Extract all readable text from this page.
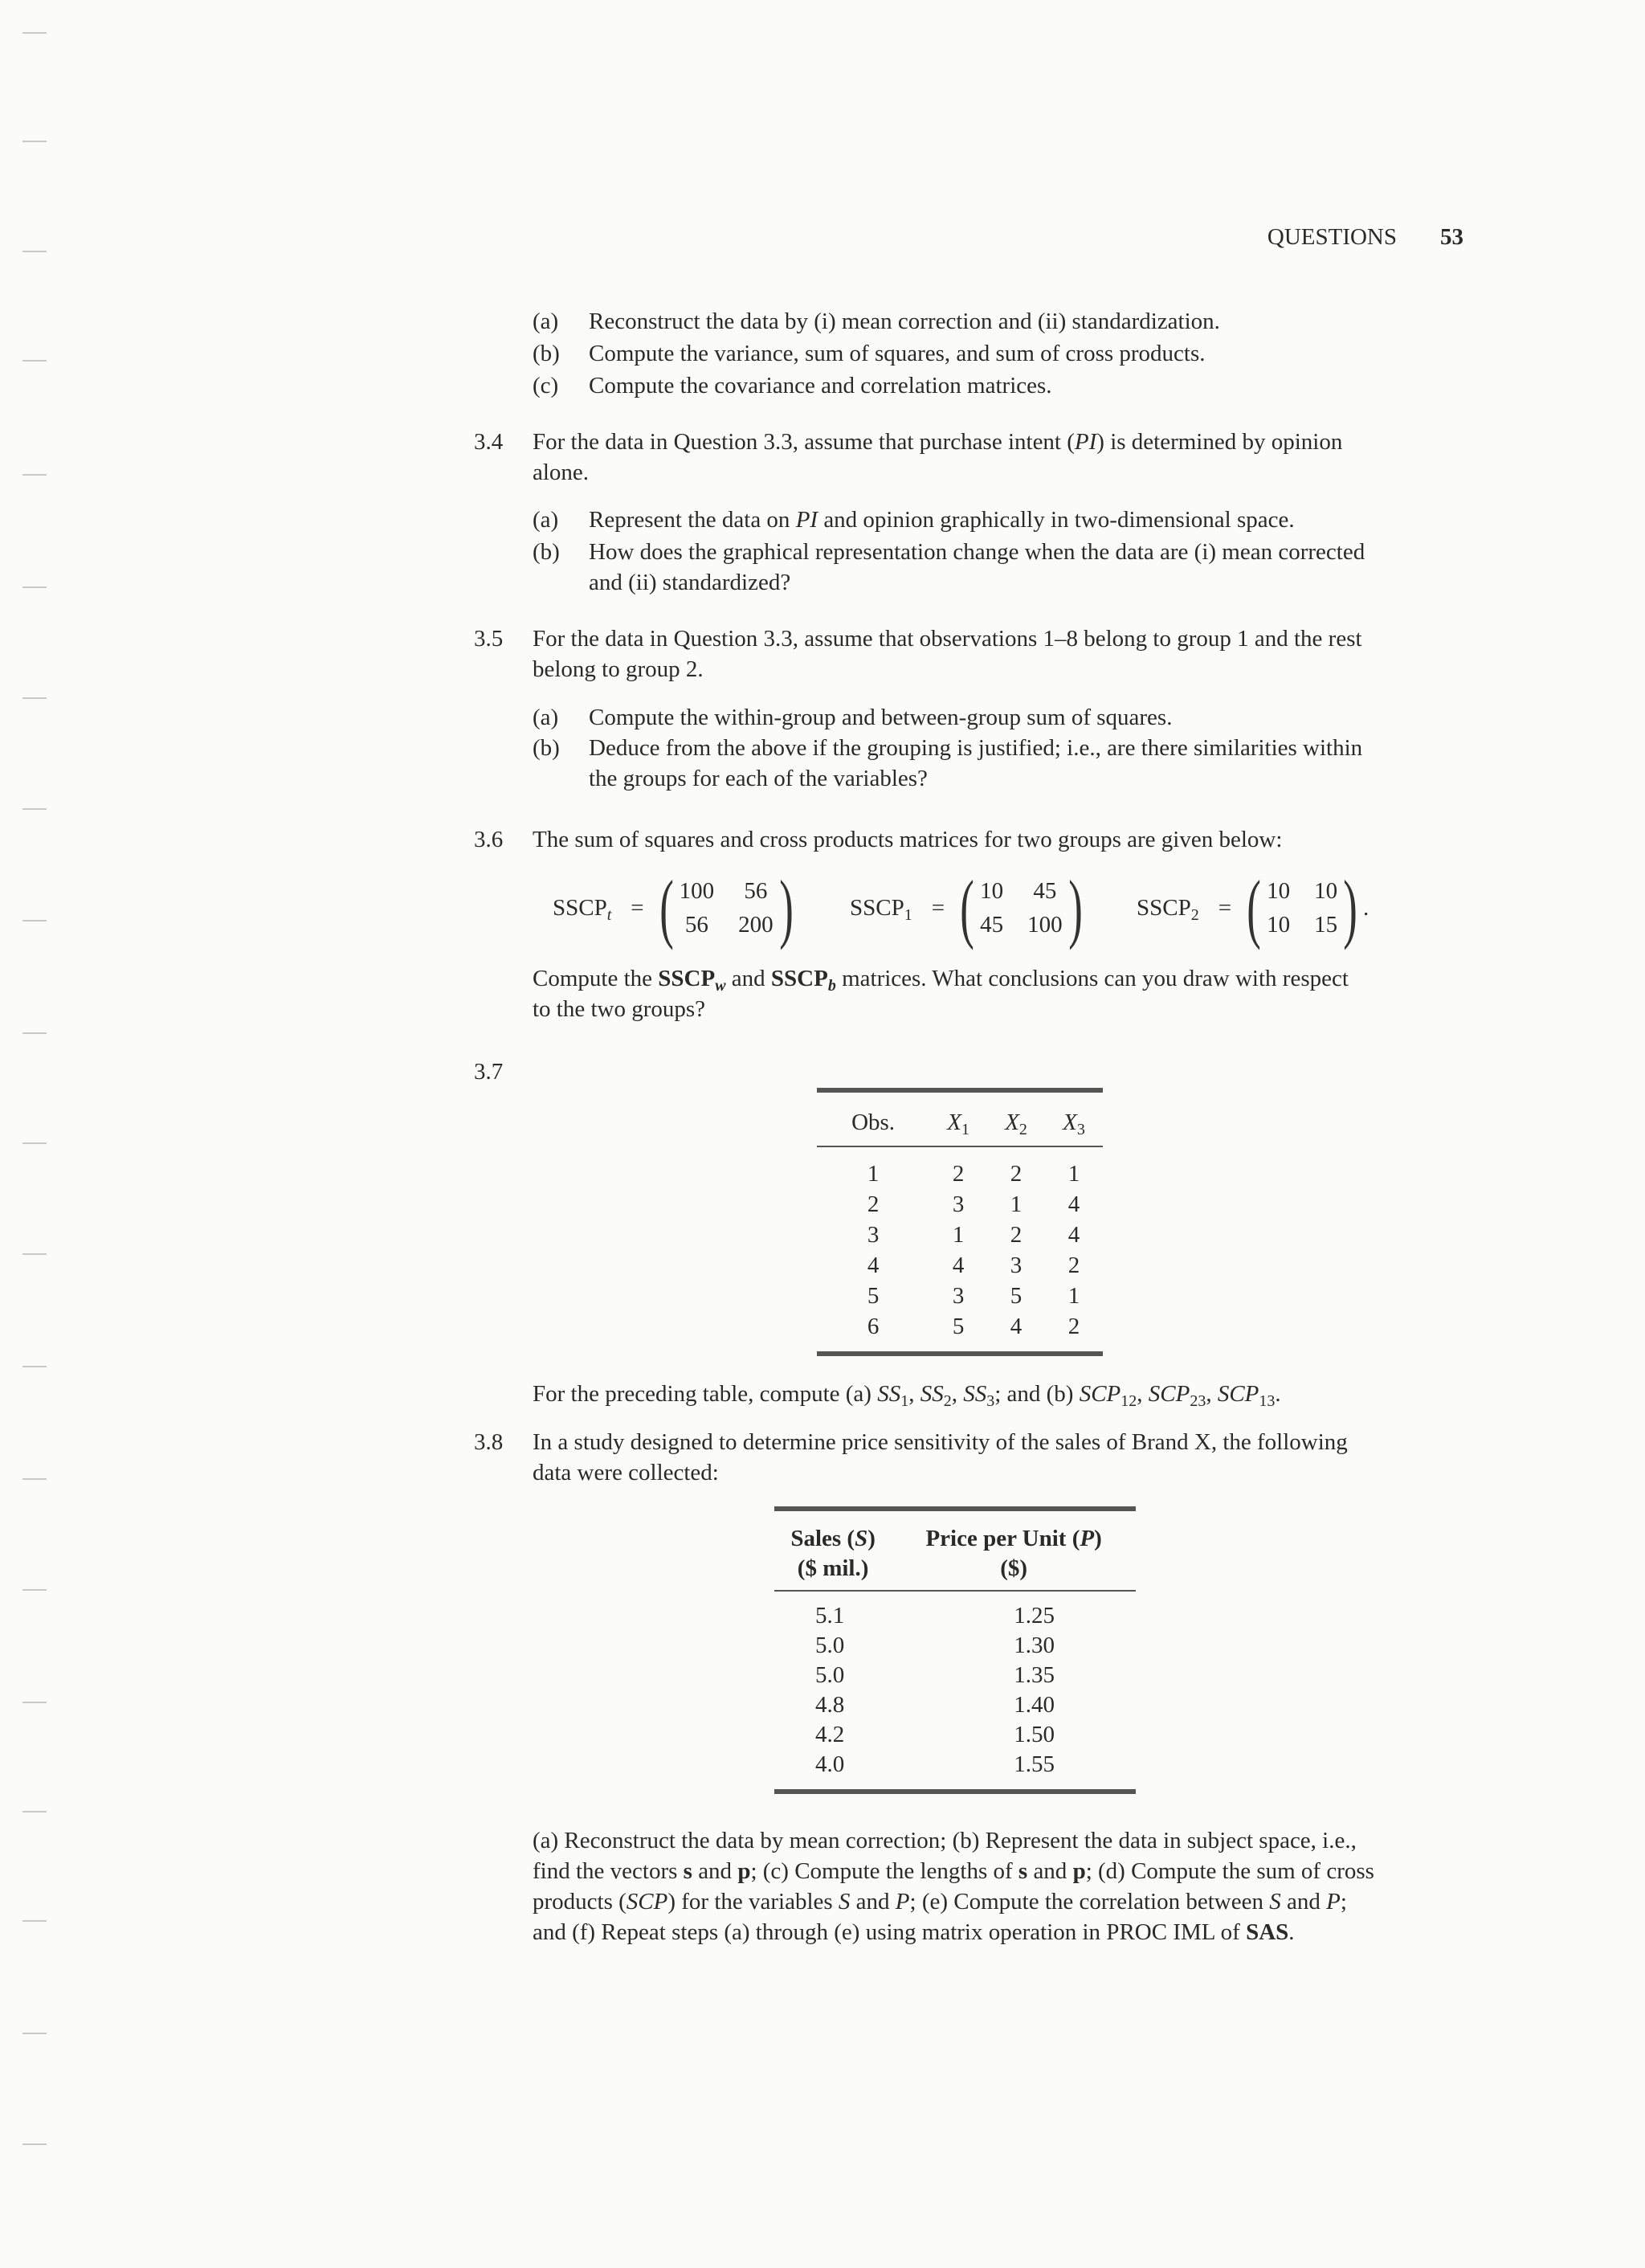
QUESTIONS 53
(a) Reconstruct the data by (i) mean correction and (ii) standardization.
(b) Compute the variance, sum of squares, and sum of cross products.
(c) Compute the covariance and correlation matrices.
3.4 For the data in Question 3.3, assume that purchase intent (PI) is determined by opinion
alone.
(a) Represent the data on PI and opinion graphically in two-dimensional space.
(b) How does the graphical representation change when the data are (i) mean corrected
and (ii) standardized?
3.5 For the data in Question 3.3, assume that observations 1–8 belong to group 1 and the rest
belong to group 2.
(a) Compute the within-group and between-group sum of squares.
(b) Deduce from the above if the grouping is justified; i.e., are there similarities within
the groups for each of the variables?
3.6 The sum of squares and cross products matrices for two groups are given below:
$SSCP_t$ = ( 100 56
56 200 ) $SSCP_1$ = ( 10 45
45 100 ) $SSCP_2$ = ( 10 10
10 15 ) .
Compute the $SSCP_w$ and $SSCP_b$ matrices. What conclusions can you draw with respect
to the two groups?
3.7
Obs.	$X_1$	$X_2$	$X_3$
1	2	2	1
2	3	1	4
3	1	2	4
4	4	3	2
5	3	5	1
6	5	4	2
For the preceding table, compute (a) $SS_1$, $SS_2$, $SS_3$; and (b) $SCP_{12}$, $SCP_{23}$, $SCP_{13}$.
3.8 In a study designed to determine price sensitivity of the sales of Brand X, the following
data were collected:
Sales (S)
($ mil.)	Price per Unit (P)
($)
5.1	1.25
5.0	1.30
5.0	1.35
4.8	1.40
4.2	1.50
4.0	1.55
(a) Reconstruct the data by mean correction; (b) Represent the data in subject space, i.e.,
find the vectors s and p; (c) Compute the lengths of s and p; (d) Compute the sum of cross
products (SCP) for the variables S and P; (e) Compute the correlation between S and P;
and (f) Repeat steps (a) through (e) using matrix operation in PROC IML of SAS.
